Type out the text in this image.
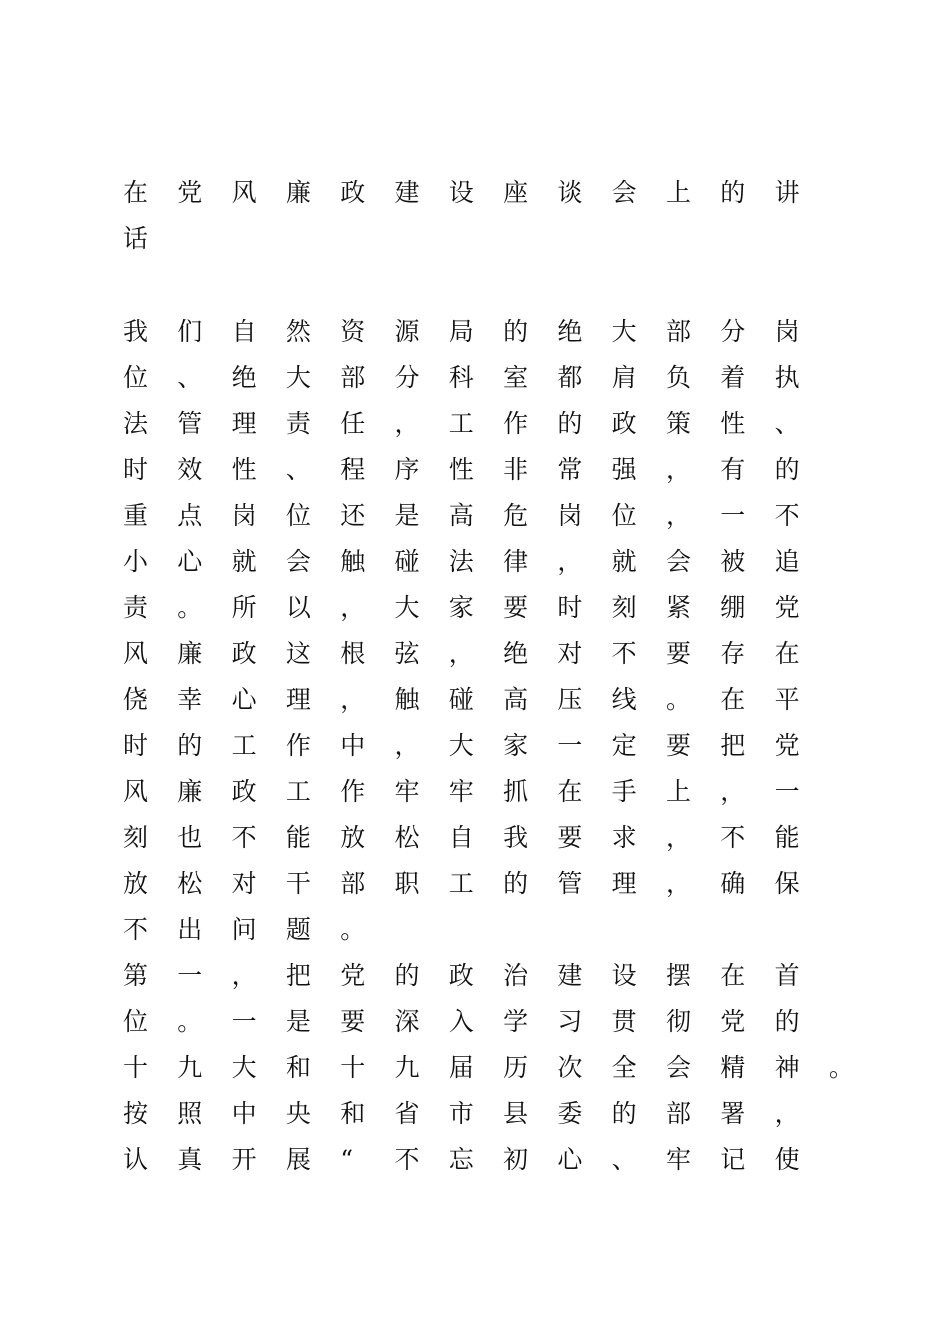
在	党	风	廉	政	建	设	座	谈	会	上	的	讲
话
我	们	自	然	资	源	局	的	绝	大	部	分	岗
位	、	绝	大	部	分	科	室	都	肩	负	着	执
法	管	理	责	任	，	工	作	的	政	策	性	、
时	效	性	、	程	序	性	非	常	强	，	有	的
重	点	岗	位	还	是	高	危	岗	位	，	一	不
小	心	就	会	触	碰	法	律	，	就	会	被	追
责	。	所	以	，	大	家	要	时	刻	紧	绷	党
风	廉	政	这	根	弦	，	绝	对	不	要	存	在
侥	幸	心	理	，	触	碰	高	压	线	。	在	平
时	的	工	作	中	，	大	家	一	定	要	把	党
风	廉	政	工	作	牢	牢	抓	在	手	上	，	一
刻	也	不	能	放	松	自	我	要	求	，	不	能
放	松	对	干	部	职	工	的	管	理	，	确	保
不	出	问	题	。
第	一	，	把	党	的	政	治	建	设	摆	在	首
位	。	一	是	要	深	入	学	习	贯	彻	党	的
十	九	大	和	十	九	届	历	次	全	会	精	神	。
按	照	中	央	和	省	市	县	委	的	部	署	，
认	真	开	展	“	不	忘	初	心	、	牢	记	使
